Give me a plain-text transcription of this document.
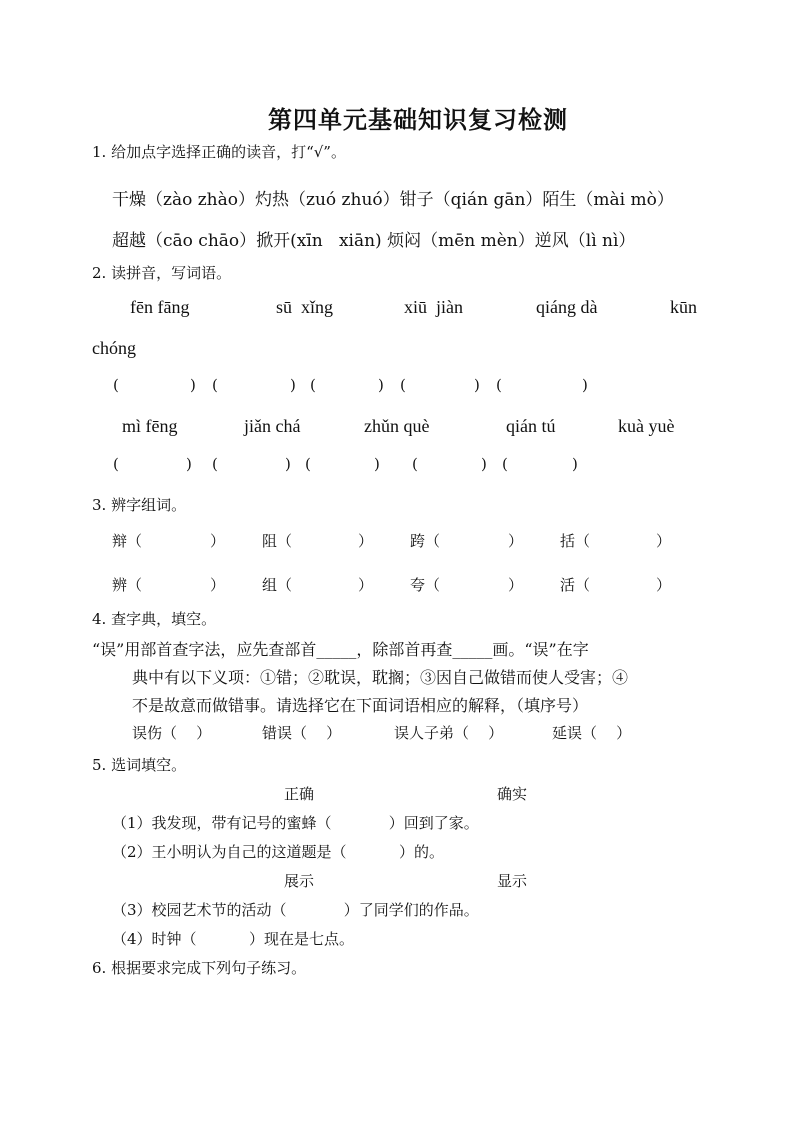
第四单元基础知识复习检测
1. 给加点字选择正确的读音，打“√”。
干燥（zào zhào）灼热（zuó zhuó）钳子（qián gān）陌生（mài mò）
超越（cāo chāo）掀开(xīn   xiān) 烦闷（mēn mèn）逆风（lì nì）
2. 读拼音，写词语。
fēn fāng	sū  xǐng	xiū  jiàn	qiáng dà	kūn
chóng
(	) (	) (	) (	) (	)
mì fēng	jiǎn chá	zhǔn què	qián tú	kuà yuè
(	) (	) (	) (	) (	)
3. 辨字组词。
辩（	） 阻（	） 跨（	） 括（	）
辨（	） 组（	） 夸（	） 活（	）
4. 查字典，填空。
“误”用部首查字法，应先查部首_____，除部首再查_____画。“误”在字
典中有以下义项：①错；②耽误，耽搁；③因自己做错而使人受害；④
不是故意而做错事。请选择它在下面词语相应的解释，（填序号）
误伤（    ）	错误（    ）	误人子弟（    ）	延误（    ）
5. 选词填空。
正确	确实
（1）我发现，带有记号的蜜蜂（            ）回到了家。
（2）王小明认为自己的这道题是（           ）的。
展示	显示
（3）校园艺术节的活动（            ）了同学们的作品。
（4）时钟（           ）现在是七点。
6. 根据要求完成下列句子练习。
